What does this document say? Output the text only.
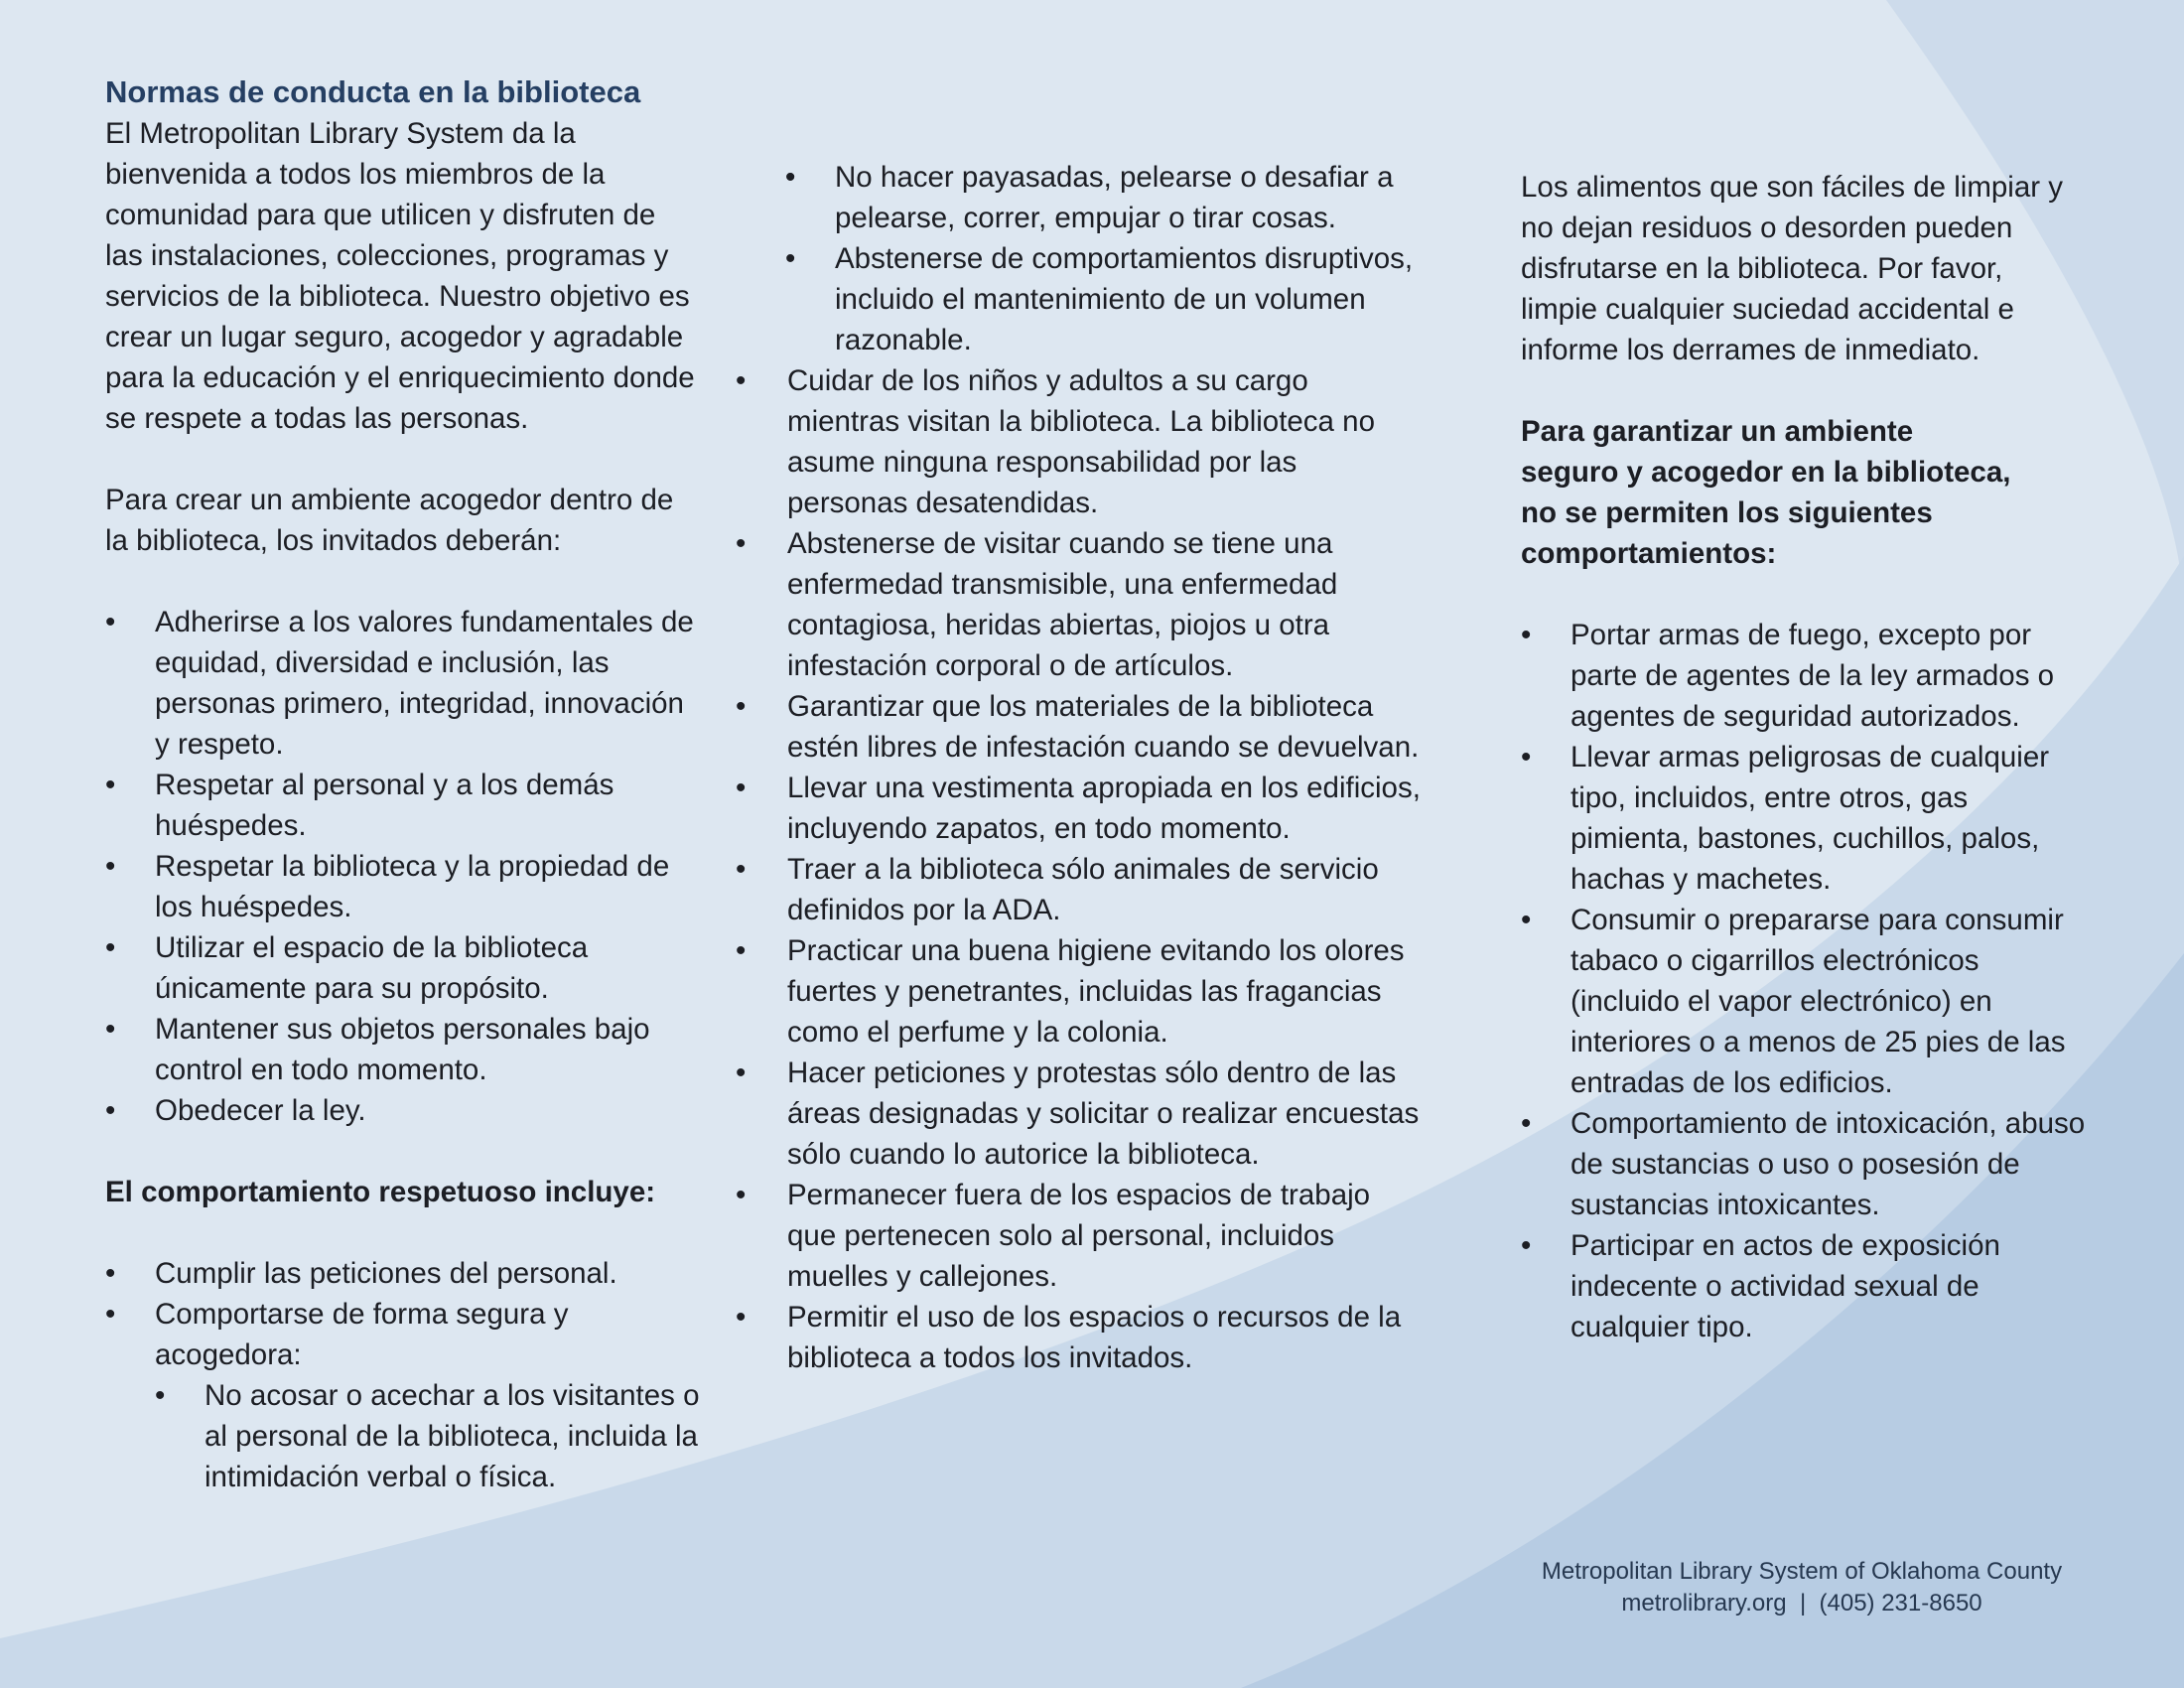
Normas de conducta en la biblioteca

El Metropolitan Library System da la bienvenida a todos los miembros de la comunidad para que utilicen y disfruten de las instalaciones, colecciones, programas y servicios de la biblioteca. Nuestro objetivo es crear un lugar seguro, acogedor y agradable para la educación y el enriquecimiento donde se respete a todas las personas.

Para crear un ambiente acogedor dentro de la biblioteca, los invitados deberán:

• Adherirse a los valores fundamentales de equidad, diversidad e inclusión, las personas primero, integridad, innovación y respeto.
• Respetar al personal y a los demás huéspedes.
• Respetar la biblioteca y la propiedad de los huéspedes.
• Utilizar el espacio de la biblioteca únicamente para su propósito.
• Mantener sus objetos personales bajo control en todo momento.
• Obedecer la ley.

El comportamiento respetuoso incluye:

• Cumplir las peticiones del personal.
• Comportarse de forma segura y acogedora:
• No acosar o acechar a los visitantes o al personal de la biblioteca, incluida la intimidación verbal o física.
• • No hacer payasadas, pelearse o desafiar a pelearse, correr, empujar o tirar cosas.
• Abstenerse de comportamientos disruptivos, incluido el mantenimiento de un volumen razonable.
• Cuidar de los niños y adultos a su cargo mientras visitan la biblioteca. La biblioteca no asume ninguna responsabilidad por las personas desatendidas.
• Abstenerse de visitar cuando se tiene una enfermedad transmisible, una enfermedad contagiosa, heridas abiertas, piojos u otra infestación corporal o de artículos.
• Garantizar que los materiales de la biblioteca estén libres de infestación cuando se devuelvan.
• Llevar una vestimenta apropiada en los edificios, incluyendo zapatos, en todo momento.
• Traer a la biblioteca sólo animales de servicio definidos por la ADA.
• Practicar una buena higiene evitando los olores fuertes y penetrantes, incluidas las fragancias como el perfume y la colonia.
• Hacer peticiones y protestas sólo dentro de las áreas designadas y solicitar o realizar encuestas sólo cuando lo autorice la biblioteca.
• Permanecer fuera de los espacios de trabajo que pertenecen solo al personal, incluidos muelles y callejones.
• Permitir el uso de los espacios o recursos de la biblioteca a todos los invitados.

Los alimentos que son fáciles de limpiar y no dejan residuos o desorden pueden disfrutarse en la biblioteca. Por favor, limpie cualquier suciedad accidental e informe los derrames de inmediato.

Para garantizar un ambiente seguro y acogedor en la biblioteca, no se permiten los siguientes comportamientos:

• Portar armas de fuego, excepto por parte de agentes de la ley armados o agentes de seguridad autorizados.
• Llevar armas peligrosas de cualquier tipo, incluidos, entre otros, gas pimienta, bastones, cuchillos, palos, hachas y machetes.
• Consumir o prepararse para consumir tabaco o cigarrillos electrónicos (incluido el vapor electrónico) en interiores o a menos de 25 pies de las entradas de los edificios.
• Comportamiento de intoxicación, abuso de sustancias o uso o posesión de sustancias intoxicantes.
• Participar en actos de exposición indecente o actividad sexual de cualquier tipo.
Metropolitan Library System of Oklahoma County
metrolibrary.org  |  (405) 231-8650
